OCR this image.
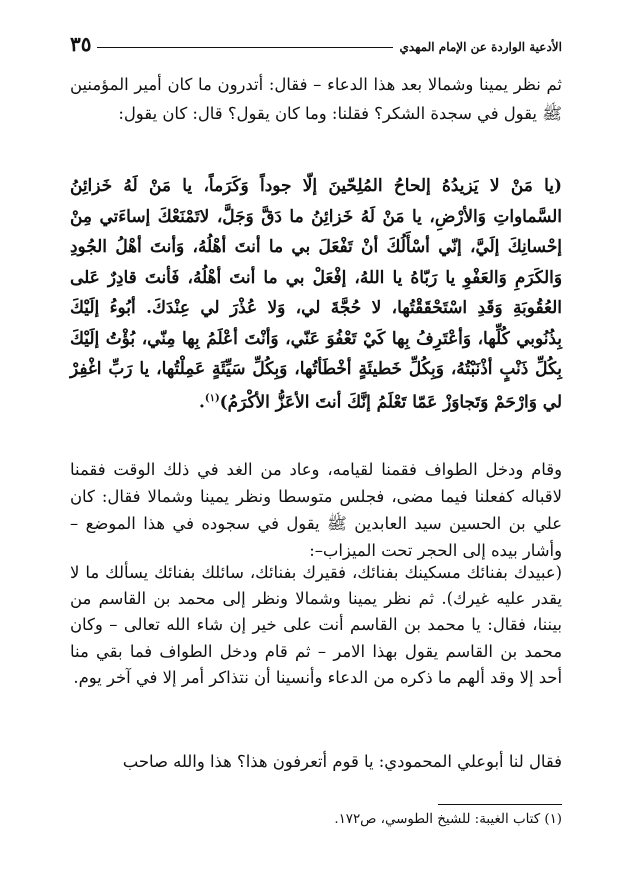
الأدعية الواردة عن الإمام المهدي
٣٥

ثم نظر يمينا وشمالا بعد هذا الدعاء – فقال: أتدرون ما كان أمير المؤمنين ﷺ يقول في سجدة الشكر؟ فقلنا: وما كان يقول؟ قال: كان يقول:

(يا مَنْ لا يَزيدُهُ إلحاحُ المُلِحّينَ إلّا جوداً وَكَرَماً، يا مَنْ لَهُ خَزائِنُ السَّماواتِ وَالأرْضِ، يا مَنْ لَهُ خَزائِنُ ما دَقَّ وَجَلَّ، لاتَمْنَعْكَ إساءَتي مِنْ إحْسانِكَ إلَيَّ، إنّي أسْأَلُكَ أنْ تَفْعَلَ بي ما أنتَ أهْلُهُ، وَأنتَ أهْلُ الجُودِ وَالكَرَمِ وَالعَفْوِ يا رَبّاهُ يا اللهُ، إفْعَلْ بي ما أنتَ أهْلُهُ، فَأنتَ قادِرٌ عَلى العُقُوبَةِ وَقَدِ اسْتَحْقَقْتُها، لا حُجَّةَ لي، وَلا عُذْرَ لي عِنْدَكَ. أبُوءُ إلَيْكَ بِذُنُوبي كُلِّها، وَأعْتَرِفُ بِها كَيْ تَعْفُوَ عَنّي، وَأنْتَ أعْلَمُ بِها مِنّي، بُؤْتُ إلَيْكَ بِكُلِّ ذَنْبٍ أذْنَبْتُهُ، وَبِكُلِّ خَطيئَةٍ أخْطَأتُها، وَبِكُلِّ سَيِّئَةٍ عَمِلْتُها، يا رَبِّ اغْفِرْ لي وَارْحَمْ وَتَجاوَزْ عَمّا تَعْلَمُ إنَّكَ أنتَ الأعَزُّ الأكْرَمُ)$^{(١)}$.

وقام ودخل الطواف فقمنا لقيامه، وعاد من الغد في ذلك الوقت فقمنا لاقباله كفعلنا فيما مضى، فجلس متوسطا ونظر يمينا وشمالا فقال: كان علي بن الحسين سيد العابدين ﷺ يقول في سجوده في هذا الموضع –وأشار بيده إلى الحجر تحت الميزاب–:

(عبيدك بفنائك مسكينك بفنائك، فقيرك بفنائك، سائلك بفنائك يسألك ما لا يقدر عليه غيرك). ثم نظر يمينا وشمالا ونظر إلى محمد بن القاسم من بيننا، فقال: يا محمد بن القاسم أنت على خير إن شاء الله تعالى – وكان محمد بن القاسم يقول بهذا الامر – ثم قام ودخل الطواف فما بقي منا أحد إلا وقد ألهم ما ذكره من الدعاء وأنسينا أن نتذاكر أمر إلا في آخر يوم.

فقال لنا أبوعلي المحمودي: يا قوم أتعرفون هذا؟ هذا والله صاحب

(١) كتاب الغيبة: للشيخ الطوسي، ص١٧٢.
